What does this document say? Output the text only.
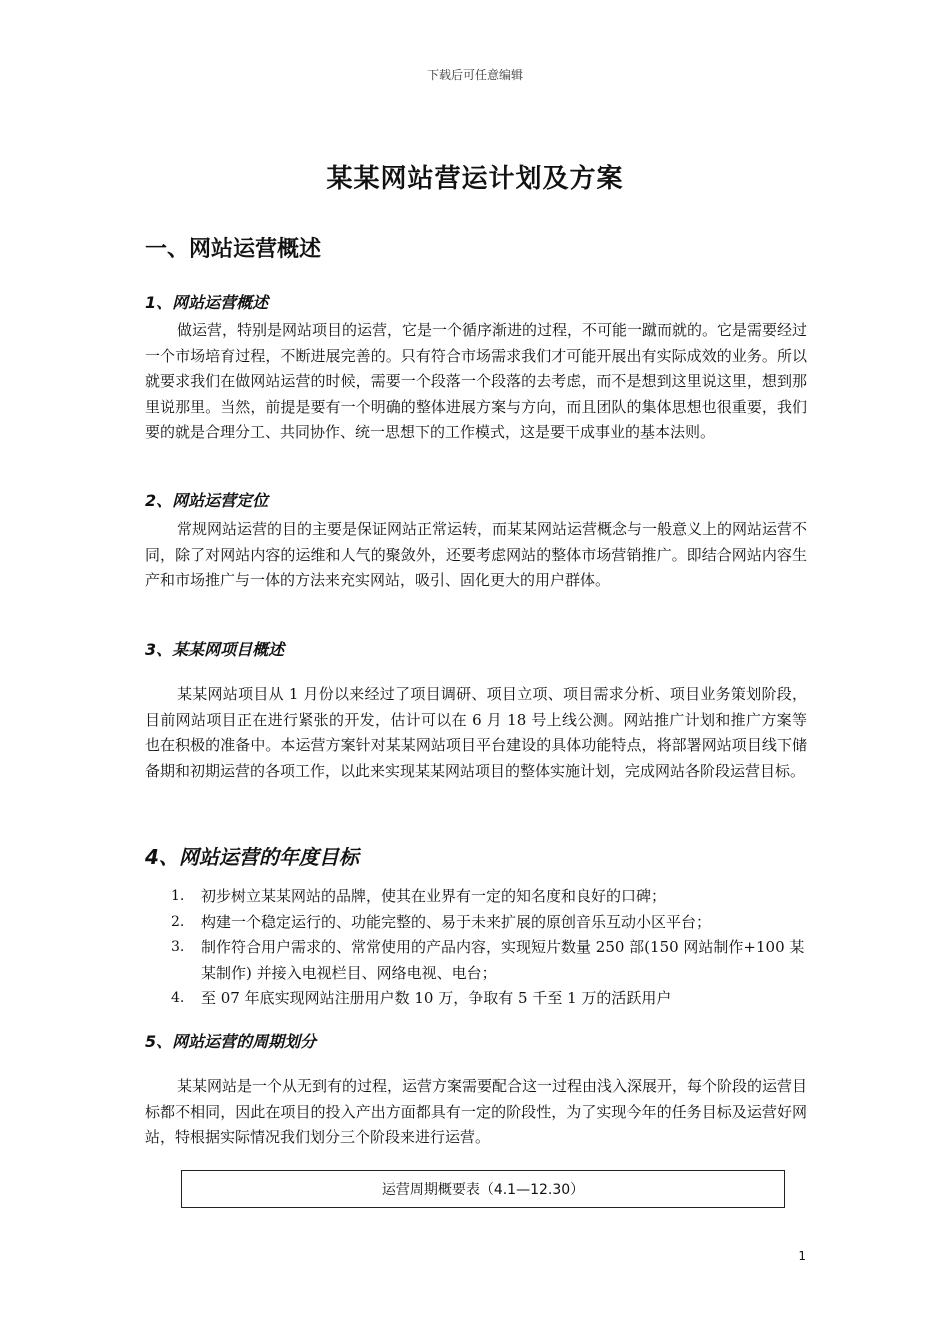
下载后可任意编辑
某某网站营运计划及方案
一、网站运营概述
1、网站运营概述
做运营，特别是网站项目的运营，它是一个循序渐进的过程，不可能一蹴而就的。它是需要经过一个市场培育过程，不断进展完善的。只有符合市场需求我们才可能开展出有实际成效的业务。所以就要求我们在做网站运营的时候，需要一个段落一个段落的去考虑，而不是想到这里说这里，想到那里说那里。当然，前提是要有一个明确的整体进展方案与方向，而且团队的集体思想也很重要，我们要的就是合理分工、共同协作、统一思想下的工作模式，这是要干成事业的基本法则。
2、网站运营定位
常规网站运营的目的主要是保证网站正常运转，而某某网站运营概念与一般意义上的网站运营不同，除了对网站内容的运维和人气的聚敛外，还要考虑网站的整体市场营销推广。即结合网站内容生产和市场推广与一体的方法来充实网站，吸引、固化更大的用户群体。
3、某某网项目概述
某某网站项目从 1 月份以来经过了项目调研、项目立项、项目需求分析、项目业务策划阶段，目前网站项目正在进行紧张的开发，估计可以在 6 月 18 号上线公测。网站推广计划和推广方案等也在积极的准备中。本运营方案针对某某网站项目平台建设的具体功能特点，将部署网站项目线下储备期和初期运营的各项工作，以此来实现某某网站项目的整体实施计划，完成网站各阶段运营目标。
4、网站运营的年度目标
1. 初步树立某某网站的品牌，使其在业界有一定的知名度和良好的口碑；
2. 构建一个稳定运行的、功能完整的、易于未来扩展的原创音乐互动小区平台；
3. 制作符合用户需求的、常常使用的产品内容，实现短片数量 250 部(150 网站制作+100 某某制作) 并接入电视栏目、网络电视、电台；
4. 至 07 年底实现网站注册用户数 10 万，争取有 5 千至 1 万的活跃用户
5、网站运营的周期划分
某某网站是一个从无到有的过程，运营方案需要配合这一过程由浅入深展开，每个阶段的运营目标都不相同，因此在项目的投入产出方面都具有一定的阶段性，为了实现今年的任务目标及运营好网站，特根据实际情况我们划分三个阶段来进行运营。
运营周期概要表（4.1—12.30）
1
